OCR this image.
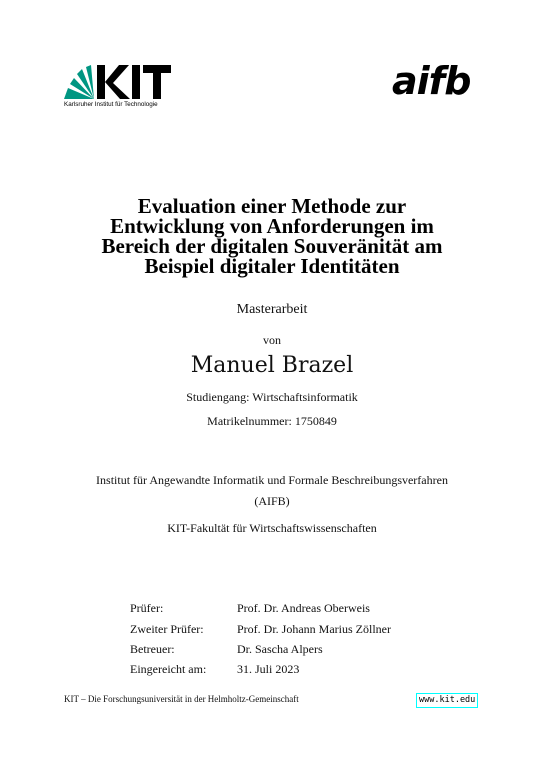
Karlsruher Institut für Technologie
aifb
Evaluation einer Methode zur
Entwicklung von Anforderungen im
Bereich der digitalen Souveränität am
Beispiel digitaler Identitäten
Masterarbeit
von
Manuel Brazel
Studiengang: Wirtschaftsinformatik
Matrikelnummer: 1750849
Institut für Angewandte Informatik und Formale Beschreibungsverfahren
(AIFB)
KIT-Fakultät für Wirtschaftswissenschaften
Prüfer:	Prof. Dr. Andreas Oberweis
Zweiter Prüfer:	Prof. Dr. Johann Marius Zöllner
Betreuer:	Dr. Sascha Alpers
Eingereicht am:	31. Juli 2023
KIT – Die Forschungsuniversität in der Helmholtz-Gemeinschaft	www.kit.edu
